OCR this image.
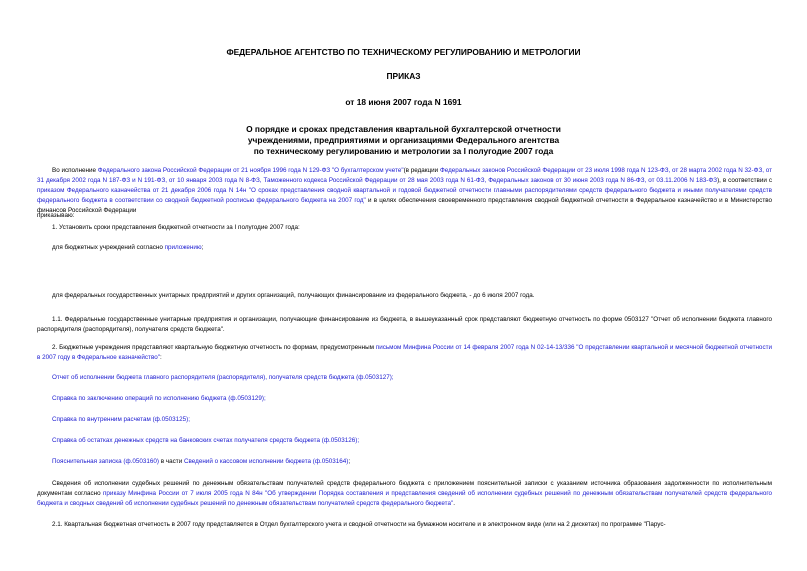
ФЕДЕРАЛЬНОЕ АГЕНТСТВО ПО ТЕХНИЧЕСКОМУ РЕГУЛИРОВАНИЮ И МЕТРОЛОГИИ
ПРИКАЗ
от 18 июня 2007 года N 1691
О порядке и сроках представления квартальной бухгалтерской отчетности
учреждениями, предприятиями и организациями Федерального агентства
по техническому регулированию и метрологии за I полугодие 2007 года
Во исполнение Федерального закона Российской Федерации от 21 ноября 1996 года N 129-ФЗ "О бухгалтерском учете"(в редакции Федеральных законов Российской Федерации от 23 июля 1998 года N 123-ФЗ, от 28 марта 2002 года N 32-ФЗ, от 31 декабря 2002 года N 187-ФЗ и N 191-ФЗ, от 10 января 2003 года N 8-ФЗ, Таможенного кодекса Российской Федерации от 28 мая 2003 года N 61-ФЗ, Федеральных законов от 30 июня 2003 года N 86-ФЗ, от 03.11.2006 N 183-ФЗ), в соответствии с приказом Федерального казначейства от 21 декабря 2006 года N 14н "О сроках представления сводной квартальной и годовой бюджетной отчетности главными распорядителями средств федерального бюджета и иными получателями средств федерального бюджета в соответствии со сводной бюджетной росписью федерального бюджета на 2007 год" и в целях обеспечения своевременного представления сводной бюджетной отчетности в Федеральное казначейство и в Министерство финансов Российской Федерации
приказываю:
1. Установить сроки представления бюджетной отчетности за I полугодие 2007 года:
для бюджетных учреждений согласно приложению;
для федеральных государственных унитарных предприятий и других организаций, получающих финансирование из федерального бюджета, - до 6 июля 2007 года.
1.1. Федеральные государственные унитарные предприятия и организации, получающие финансирование из бюджета, в вышеуказанный срок представляют бюджетную отчетность по форме 0503127 "Отчет об исполнении бюджета главного распорядителя (распорядителя), получателя средств бюджета".
2. Бюджетные учреждения представляют квартальную бюджетную отчетность по формам, предусмотренным письмом Минфина России от 14 февраля 2007 года N 02-14-13/336 "О представлении квартальной и месячной бюджетной отчетности в 2007 году в Федеральное казначейство":
Отчет об исполнении бюджета главного распорядителя (распорядителя), получателя средств бюджета (ф.0503127);
Справка по заключению операций по исполнению бюджета (ф.0503129);
Справка по внутренним расчетам (ф.0503125);
Справка об остатках денежных средств на банковских счетах получателя средств бюджета (ф.0503126);
Пояснительная записка (ф.0503160) в части Сведений о кассовом исполнении бюджета (ф.0503164);
Сведения об исполнении судебных решений по денежным обязательствам получателей средств федерального бюджета с приложением пояснительной записки с указанием источника образования задолженности по исполнительным документам согласно приказу Минфина России от 7 июля 2005 года N 84н "Об утверждении Порядка составления и представления сведений об исполнении судебных решений по денежным обязательствам получателей средств федерального бюджета и сводных сведений об исполнении судебных решений по денежным обязательствам получателей средств федерального бюджета".
2.1. Квартальная бюджетная отчетность в 2007 году представляется в Отдел бухгалтерского учета и сводной отчетности на бумажном носителе и в электронном виде (или на 2 дискетах) по программе "Парус-
